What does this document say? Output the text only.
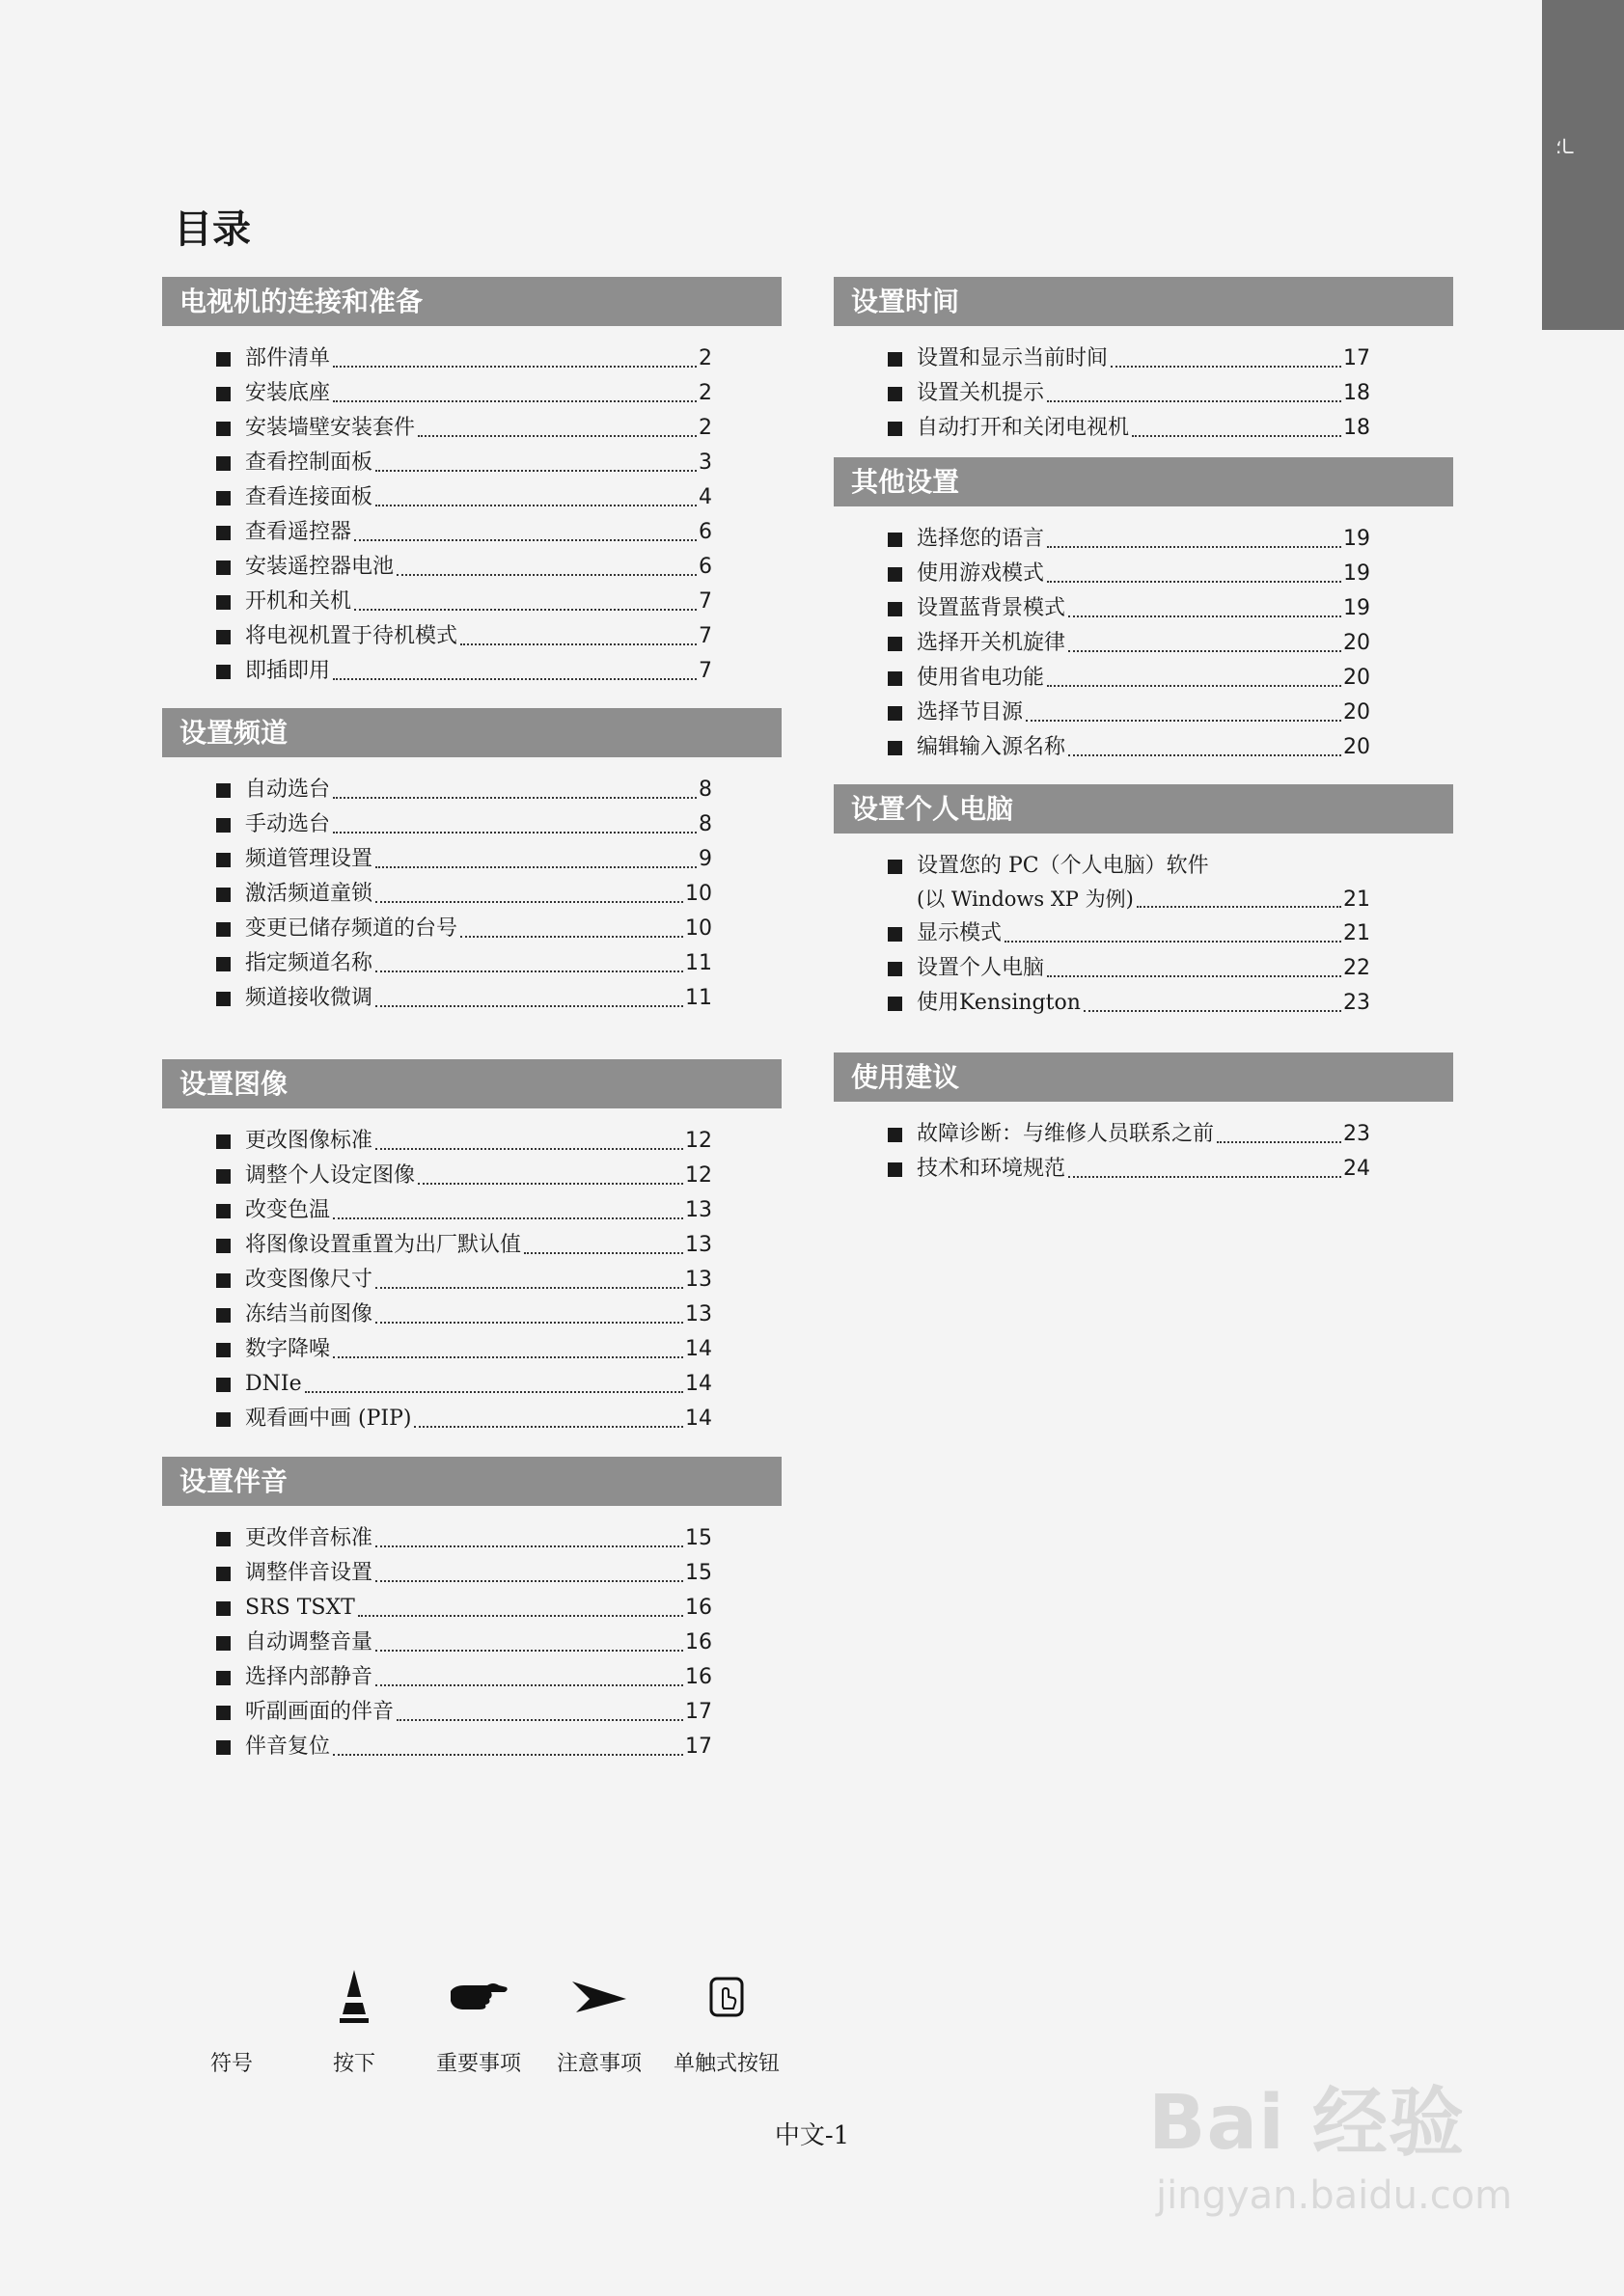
ـا؛
目录
电视机的连接和准备
部件清单	2
安装底座	2
安装墙壁安装套件	2
查看控制面板	3
查看连接面板	4
查看遥控器	6
安装遥控器电池	6
开机和关机	7
将电视机置于待机模式	7
即插即用	7
设置频道
自动选台	8
手动选台	8
频道管理设置	9
激活频道童锁	10
变更已储存频道的台号	10
指定频道名称	11
频道接收微调	11
设置图像
更改图像标准	12
调整个人设定图像	12
改变色温	13
将图像设置重置为出厂默认值	13
改变图像尺寸	13
冻结当前图像	13
数字降噪	14
DNIe	14
观看画中画 (PIP)	14
设置伴音
更改伴音标准	15
调整伴音设置	15
SRS TSXT	16
自动调整音量	16
选择内部静音	16
听副画面的伴音	17
伴音复位	17
设置时间
设置和显示当前时间	17
设置关机提示	18
自动打开和关闭电视机	18
其他设置
选择您的语言	19
使用游戏模式	19
设置蓝背景模式	19
选择开关机旋律	20
使用省电功能	20
选择节目源	20
编辑输入源名称	20
设置个人电脑
设置您的 PC（个人电脑）软件
(以 Windows XP 为例)	21
显示模式	21
设置个人电脑	22
使用Kensington	23
使用建议
故障诊断：与维修人员联系之前	23
技术和环境规范	24
符号	按下	重要事项	注意事项	单触式按钮
中文-1	Bai 经验
jingyan.baidu.com
